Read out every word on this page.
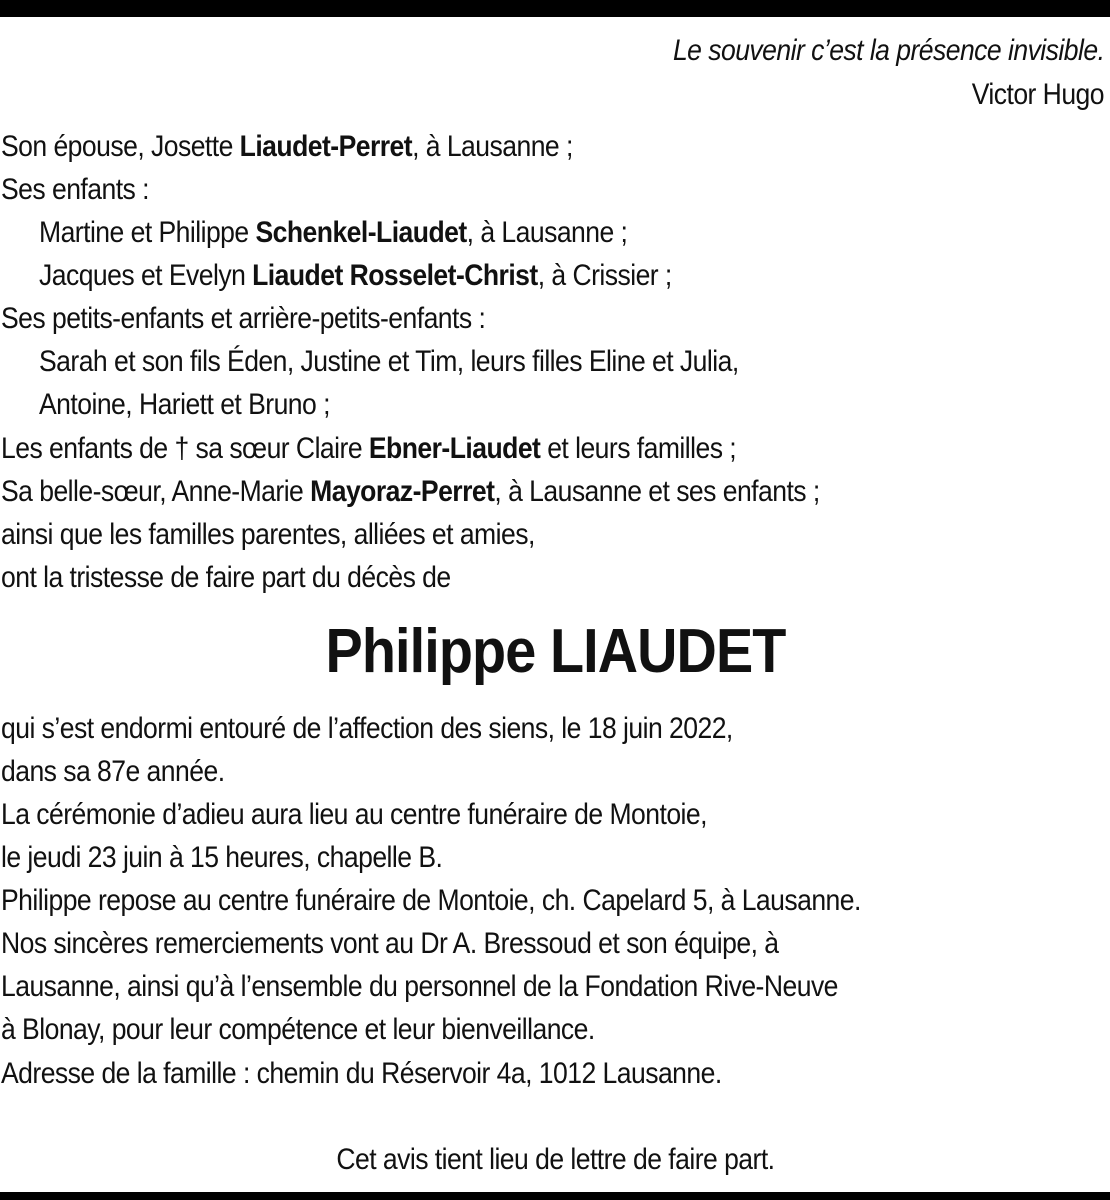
Le souvenir c’est la présence invisible.
Victor Hugo
Son épouse, Josette Liaudet-Perret, à Lausanne ;
Ses enfants :
Martine et Philippe Schenkel-Liaudet, à Lausanne ;
Jacques et Evelyn Liaudet Rosselet-Christ, à Crissier ;
Ses petits-enfants et arrière-petits-enfants :
Sarah et son fils Éden, Justine et Tim, leurs filles Eline et Julia,
Antoine, Hariett et Bruno ;
Les enfants de † sa sœur Claire Ebner-Liaudet et leurs familles ;
Sa belle-sœur, Anne-Marie Mayoraz-Perret, à Lausanne et ses enfants ;
ainsi que les familles parentes, alliées et amies,
ont la tristesse de faire part du décès de
Philippe LIAUDET
qui s’est endormi entouré de l’affection des siens, le 18 juin 2022,
dans sa 87e année.
La cérémonie d’adieu aura lieu au centre funéraire de Montoie,
le jeudi 23 juin à 15 heures, chapelle B.
Philippe repose au centre funéraire de Montoie, ch. Capelard 5, à Lausanne.
Nos sincères remerciements vont au Dr A. Bressoud et son équipe, à
Lausanne, ainsi qu’à l’ensemble du personnel de la Fondation Rive-Neuve
à Blonay, pour leur compétence et leur bienveillance.
Adresse de la famille : chemin du Réservoir 4a, 1012 Lausanne.
Cet avis tient lieu de lettre de faire part.
